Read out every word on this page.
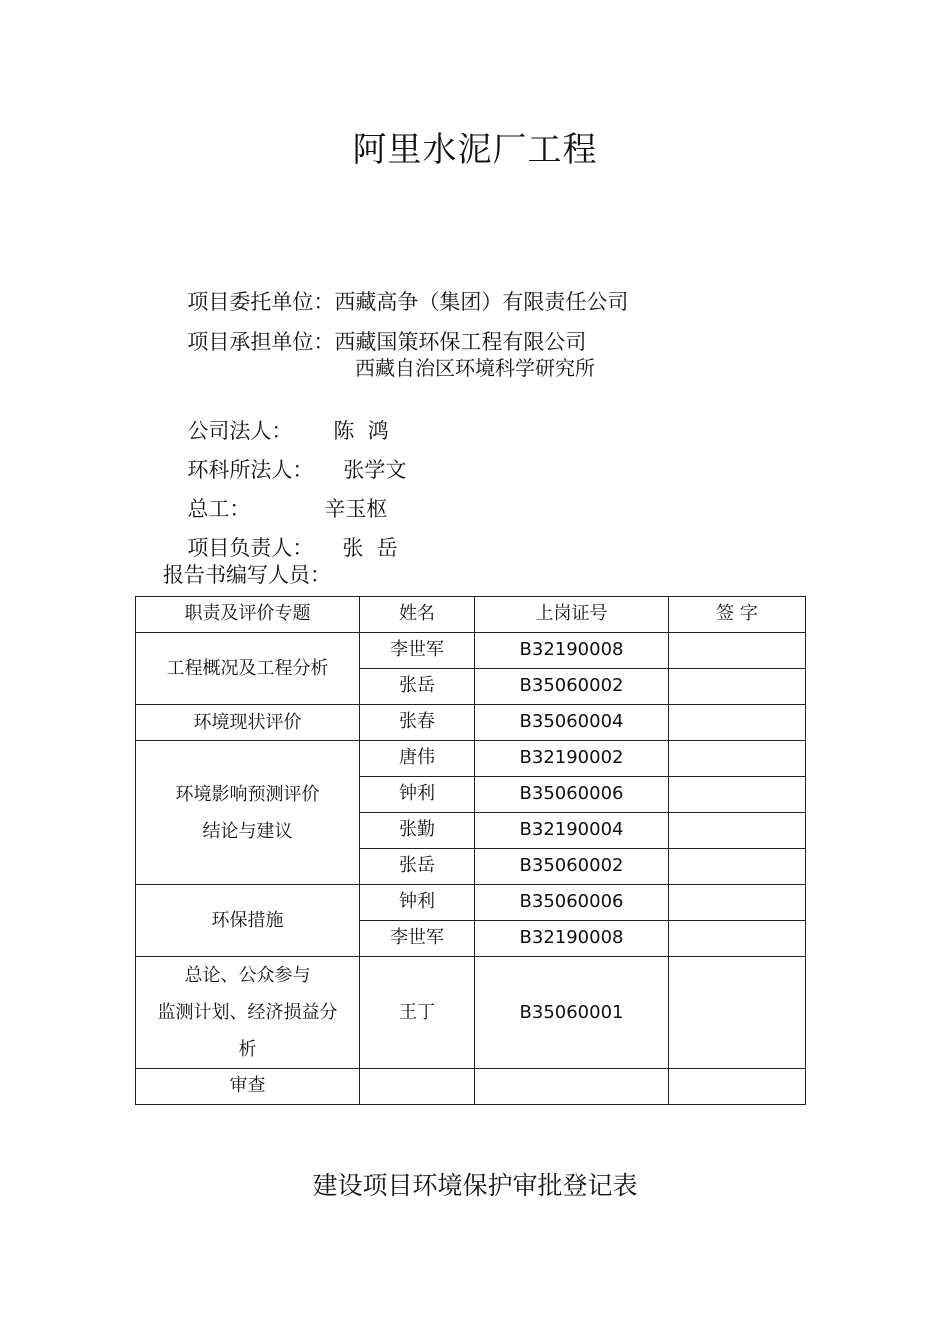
阿里水泥厂工程

项目委托单位：西藏高争（集团）有限责任公司

项目承担单位：西藏国策环保工程有限公司

西藏自治区环境科学研究所

公司法人： 陈  鸿

环科所法人： 张学文

总工：	辛玉枢

项目负责人： 张  岳

报告书编写人员：
职责及评价专题	姓名	上岗证号	签 字
工程概况及工程分析	李世军	B32190008	
	张岳	B35060002	
环境现状评价	张春	B35060004	

环境影响预测评价
结论与建议	唐伟	B32190002	
	钟利	B35060006	
	张勤	B32190004	
	张岳	B35060002	
环保措施	钟利	B35060006	
	李世军	B32190008	

总论、公众参与
监测计划、经济损益分
析	王丁	B35060001	
审查			
建设项目环境保护审批登记表
